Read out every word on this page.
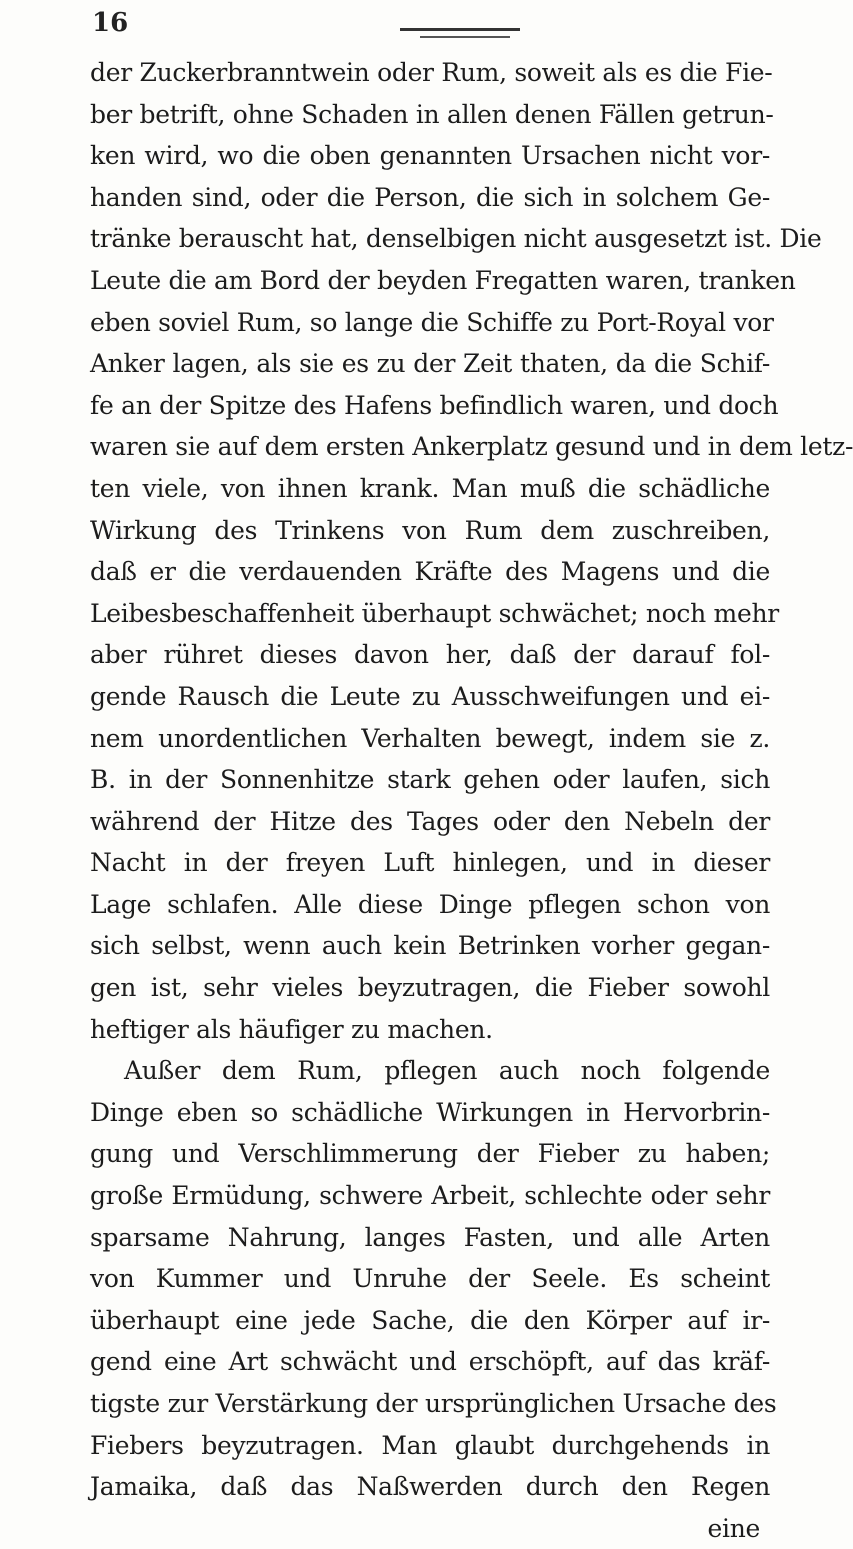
16
der Zuckerbranntwein oder Rum, soweit als es die Fie-
ber betrift, ohne Schaden in allen denen Fällen getrun-
ken wird, wo die oben genannten Ursachen nicht vor-
handen sind, oder die Person, die sich in solchem Ge-
tränke berauscht hat, denselbigen nicht ausgesetzt ist. Die
Leute die am Bord der beyden Fregatten waren, tranken
eben soviel Rum, so lange die Schiffe zu Port-Royal vor
Anker lagen, als sie es zu der Zeit thaten, da die Schif-
fe an der Spitze des Hafens befindlich waren, und doch
waren sie auf dem ersten Ankerplatz gesund und in dem letz-
ten viele, von ihnen krank. Man muß die schädliche
Wirkung des Trinkens von Rum dem zuschreiben,
daß er die verdauenden Kräfte des Magens und die
Leibesbeschaffenheit überhaupt schwächet; noch mehr
aber rühret dieses davon her, daß der darauf fol-
gende Rausch die Leute zu Ausschweifungen und ei-
nem unordentlichen Verhalten bewegt, indem sie z.
B. in der Sonnenhitze stark gehen oder laufen, sich
während der Hitze des Tages oder den Nebeln der
Nacht in der freyen Luft hinlegen, und in dieser
Lage schlafen. Alle diese Dinge pflegen schon von
sich selbst, wenn auch kein Betrinken vorher gegan-
gen ist, sehr vieles beyzutragen, die Fieber sowohl
heftiger als häufiger zu machen.
Außer dem Rum, pflegen auch noch folgende
Dinge eben so schädliche Wirkungen in Hervorbrin-
gung und Verschlimmerung der Fieber zu haben;
große Ermüdung, schwere Arbeit, schlechte oder sehr
sparsame Nahrung, langes Fasten, und alle Arten
von Kummer und Unruhe der Seele. Es scheint
überhaupt eine jede Sache, die den Körper auf ir-
gend eine Art schwächt und erschöpft, auf das kräf-
tigste zur Verstärkung der ursprünglichen Ursache des
Fiebers beyzutragen. Man glaubt durchgehends in
Jamaika, daß das Naßwerden durch den Regen
eine
